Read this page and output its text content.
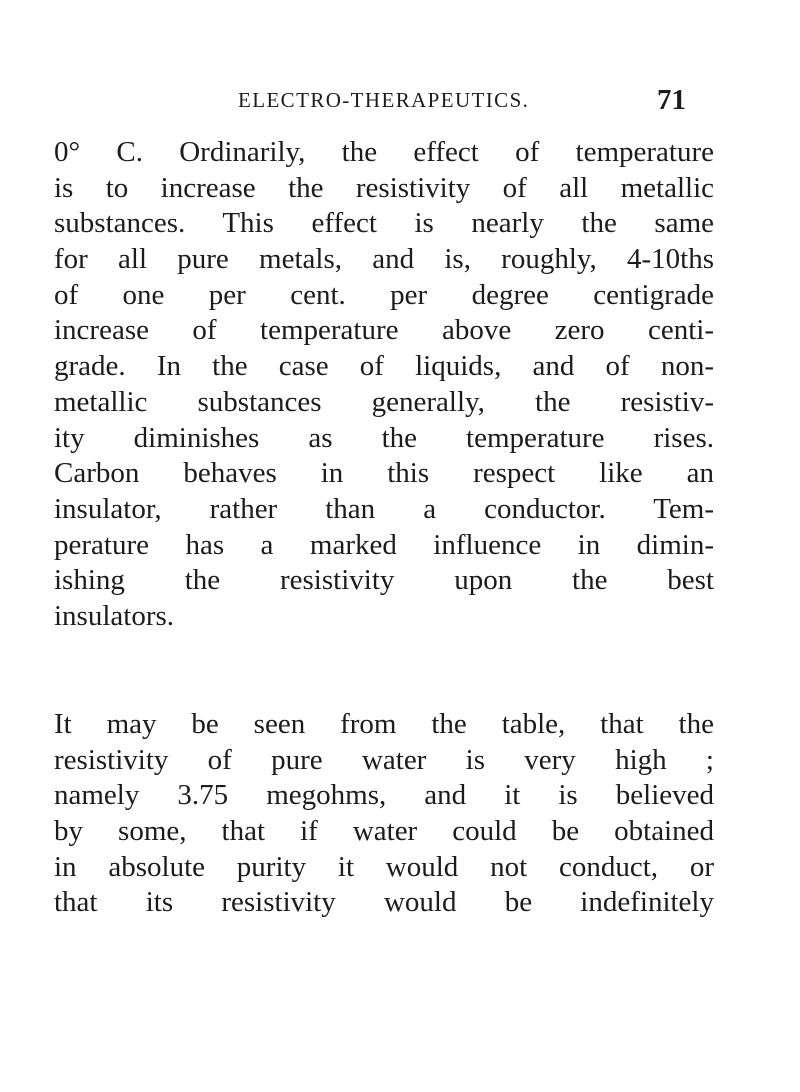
ELECTRO-THERAPEUTICS.	71
0° C. Ordinarily, the effect of temperature
is to increase the resistivity of all metallic
substances. This effect is nearly the same
for all pure metals, and is, roughly, 4-10ths
of one per cent. per degree centigrade
increase of temperature above zero centi-
grade. In the case of liquids, and of non-
metallic substances generally, the resistiv-
ity diminishes as the temperature rises.
Carbon behaves in this respect like an
insulator, rather than a conductor. Tem-
perature has a marked influence in dimin-
ishing the resistivity upon the best
insulators.
It may be seen from the table, that the
resistivity of pure water is very high ;
namely 3.75 megohms, and it is believed
by some, that if water could be obtained
in absolute purity it would not conduct, or
that its resistivity would be indefinitely
